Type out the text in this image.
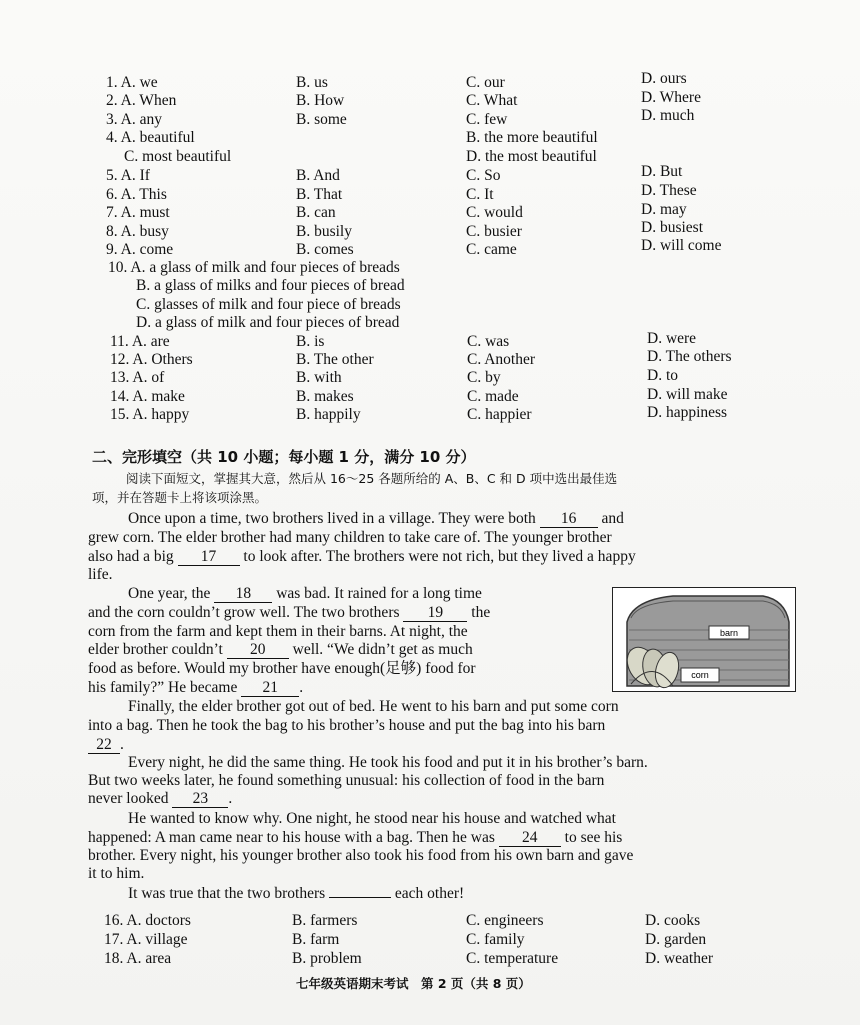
1. A. we	B. us	C. our	D. ours
2. A. When	B. How	C. What	D. Where
3. A. any	B. some	C. few	D. much
4. A. beautiful	B. the more beautiful
C. most beautiful	D. the most beautiful
5. A. If	B. And	C. So	D. But
6. A. This	B. That	C. It	D. These
7. A. must	B. can	C. would	D. may
8. A. busy	B. busily	C. busier	D. busiest
9. A. come	B. comes	C. came	D. will come
10. A. a glass of milk and four pieces of breads
B. a glass of milks and four pieces of bread
C. glasses of milk and four piece of breads
D. a glass of milk and four pieces of bread
11. A. are	B. is	C. was	D. were
12. A. Others	B. The other	C. Another	D. The others
13. A. of	B. with	C. by	D. to
14. A. make	B. makes	C. made	D. will make
15. A. happy	B. happily	C. happier	D. happiness
二、完形填空（共 10 小题；每小题 1 分，满分 10 分）
阅读下面短文，掌握其大意，然后从 16～25 各题所给的 A、B、C 和 D 项中选出最佳选
项，并在答题卡上将该项涂黑。
Once upon a time, two brothers lived in a village. They were both 16 and
grew corn. The elder brother had many children to take care of. The younger brother
also had a big 17 to look after. The brothers were not rich, but they lived a happy
life.
One year, the 18 was bad. It rained for a long time
and the corn couldn’t grow well. The two brothers 19 the
corn from the farm and kept them in their barns. At night, the
elder brother couldn’t 20 well. “We didn’t get as much
food as before. Would my brother have enough(足够) food for
his family?” He became 21 .
Finally, the elder brother got out of bed. He went to his barn and put some corn
into a bag. Then he took the bag to his brother’s house and put the bag into his barn
22 .
Every night, he did the same thing. He took his food and put it in his brother’s barn.
But two weeks later, he found something unusual: his collection of food in the barn
never looked 23 .
He wanted to know why. One night, he stood near his house and watched what
happened: A man came near to his house with a bag. Then he was 24 to see his
brother. Every night, his younger brother also took his food from his own barn and gave
it to him.
It was true that the two brothers	each other!
barn
corn
16. A. doctors	B. farmers	C. engineers	D. cooks
17. A. village	B. farm	C. family	D. garden
18. A. area	B. problem	C. temperature	D. weather
七年级英语期末考试　第 2 页（共 8 页）
